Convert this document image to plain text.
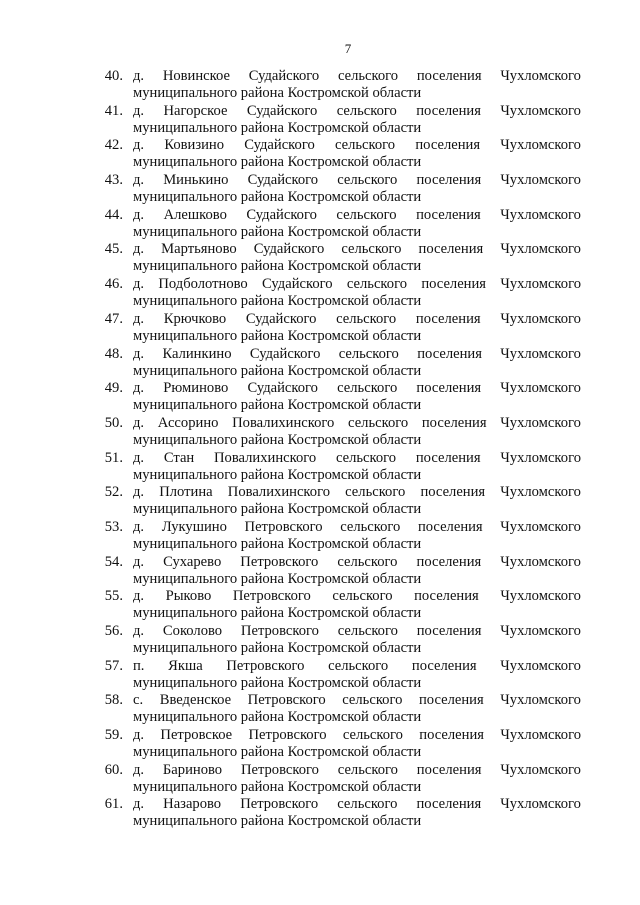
7
40. д. Новинское Судайского сельского поселения Чухломского
муниципального района Костромской области
41. д. Нагорское Судайского сельского поселения Чухломского
муниципального района Костромской области
42. д. Ковизино Судайского сельского поселения Чухломского
муниципального района Костромской области
43. д. Минькино Судайского сельского поселения Чухломского
муниципального района Костромской области
44. д. Алешково Судайского сельского поселения Чухломского
муниципального района Костромской области
45. д. Мартьяново Судайского сельского поселения Чухломского
муниципального района Костромской области
46. д. Подболотново Судайского сельского поселения Чухломского
муниципального района Костромской области
47. д. Крючково Судайского сельского поселения Чухломского
муниципального района Костромской области
48. д. Калинкино Судайского сельского поселения Чухломского
муниципального района Костромской области
49. д. Рюминово Судайского сельского поселения Чухломского
муниципального района Костромской области
50. д. Ассорино Повалихинского сельского поселения Чухломского
муниципального района Костромской области
51. д. Стан Повалихинского сельского поселения Чухломского
муниципального района Костромской области
52. д. Плотина Повалихинского сельского поселения Чухломского
муниципального района Костромской области
53. д. Лукушино Петровского сельского поселения Чухломского
муниципального района Костромской области
54. д. Сухарево Петровского сельского поселения Чухломского
муниципального района Костромской области
55. д. Рыково Петровского сельского поселения Чухломского
муниципального района Костромской области
56. д. Соколово Петровского сельского поселения Чухломского
муниципального района Костромской области
57. п. Якша Петровского сельского поселения Чухломского
муниципального района Костромской области
58. с. Введенское Петровского сельского поселения Чухломского
муниципального района Костромской области
59. д. Петровское Петровского сельского поселения Чухломского
муниципального района Костромской области
60. д. Бариново Петровского сельского поселения Чухломского
муниципального района Костромской области
61. д. Назарово Петровского сельского поселения Чухломского
муниципального района Костромской области
